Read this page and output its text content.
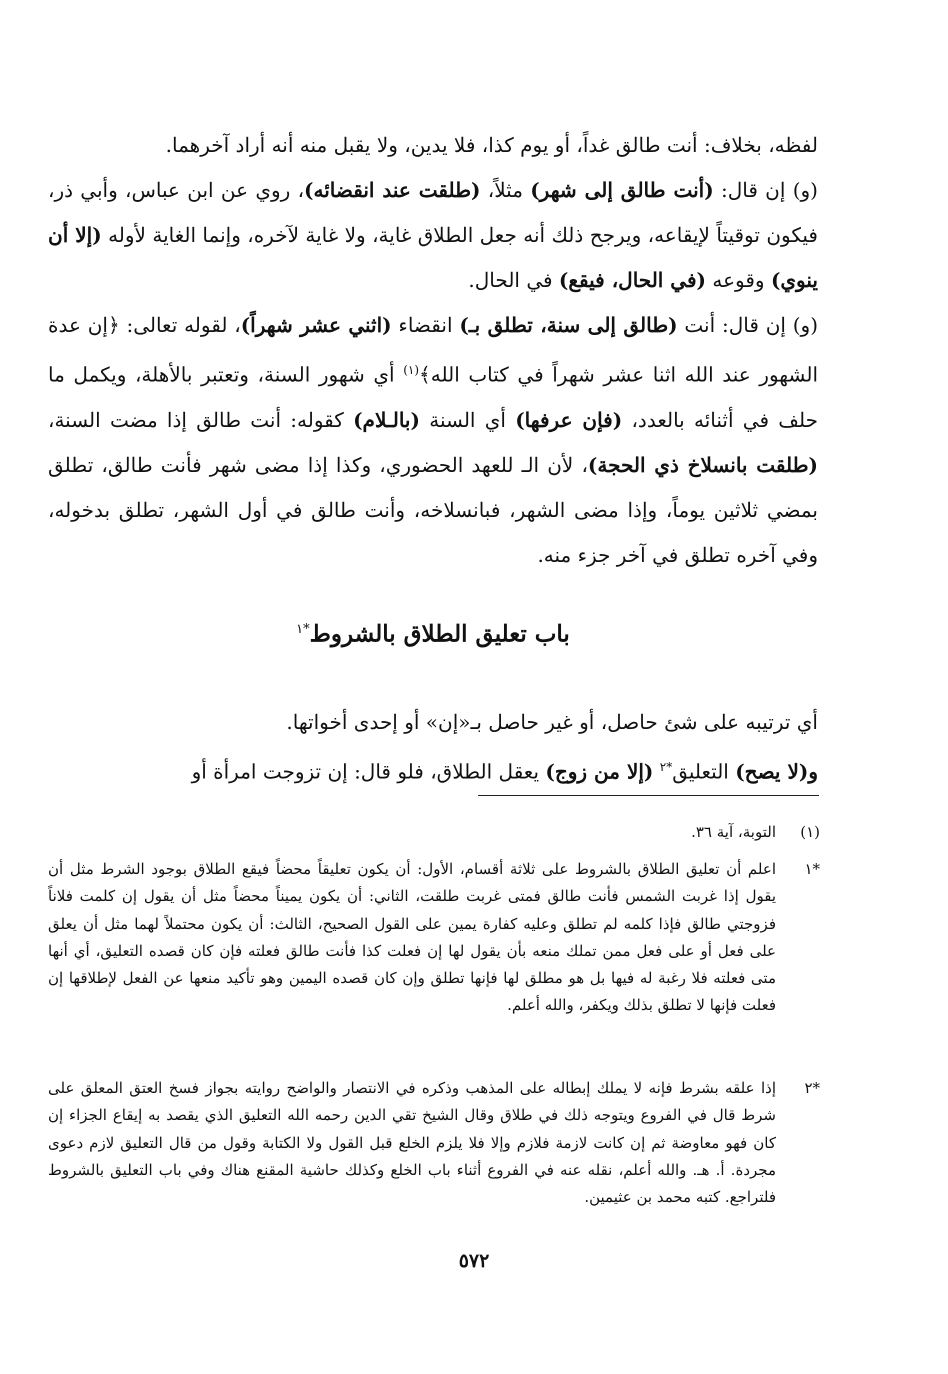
لفظه، بخلاف: أنت طالق غداً، أو يوم كذا، فلا يدين، ولا يقبل منه أنه أراد آخرهما.

(و) إن قال: (أنت طالق إلى شهر) مثلاً، (طلقت عند انقضائه)، روي عن ابن عباس، وأبي ذر، فيكون توقيتاً لإيقاعه، ويرجح ذلك أنه جعل الطلاق غاية، ولا غاية لآخره، وإنما الغاية لأوله (إلا أن ينوي) وقوعه (في الحال، فيقع) في الحال.

(و) إن قال: أنت (طالق إلى سنة، تطلق بـ) انقضاء (اثني عشر شهراً)، لقوله تعالى: ﴿إن عدة الشهور عند الله اثنا عشر شهراً في كتاب الله﴾$^{(١)}$ أي شهور السنة، وتعتبر بالأهلة، ويكمل ما حلف في أثنائه بالعدد، (فإن عرفها) أي السنة (بالـلام) كقوله: أنت طالق إذا مضت السنة، (طلقت بانسلاخ ذي الحجة)، لأن الـ للعهد الحضوري، وكذا إذا مضى شهر فأنت طالق، تطلق بمضي ثلاثين يوماً، وإذا مضى الشهر، فبانسلاخه، وأنت طالق في أول الشهر، تطلق بدخوله، وفي آخره تطلق في آخر جزء منه.

باب تعليق الطلاق بالشروط$^{*١}$

أي ترتيبه على شئ حاصل، أو غير حاصل بـ«إن» أو إحدى أخواتها.

و(لا يصح) التعليق$^{*٢}$ (إلا من زوج) يعقل الطلاق، فلو قال: إن تزوجت امرأة أو

(١)
التوبة، آية ٣٦.
*١
اعلم أن تعليق الطلاق بالشروط على ثلاثة أقسام، الأول: أن يكون تعليقاً محضاً فيقع الطلاق بوجود الشرط مثل أن يقول إذا غربت الشمس فأنت طالق فمتى غربت طلقت، الثاني: أن يكون يميناً محضاً مثل أن يقول إن كلمت فلاناً فزوجتي طالق فإذا كلمه لم تطلق وعليه كفارة يمين على القول الصحيح، الثالث: أن يكون محتملاً لهما مثل أن يعلق على فعل أو على فعل ممن تملك منعه بأن يقول لها إن فعلت كذا فأنت طالق فعلته فإن كان قصده التعليق، أي أنها متى فعلته فلا رغبة له فيها بل هو مطلق لها فإنها تطلق وإن كان قصده اليمين وهو تأكيد منعها عن الفعل لإطلاقها إن فعلت فإنها لا تطلق بذلك ويكفر، والله أعلم.
*٢
إذا علقه بشرط فإنه لا يملك إبطاله على المذهب وذكره في الانتصار والواضح روايته بجواز فسخ العتق المعلق على شرط قال في الفروع ويتوجه ذلك في طلاق وقال الشيخ تقي الدين رحمه الله التعليق الذي يقصد به إيقاع الجزاء إن كان فهو معاوضة ثم إن كانت لازمة فلازم وإلا فلا يلزم الخلع قبل القول ولا الكتابة وقول من قال التعليق لازم دعوى مجردة. أ. هـ. والله أعلم، نقله عنه في الفروع أثناء باب الخلع وكذلك حاشية المقنع هناك وفي باب التعليق بالشروط فلتراجع. كتبه محمد بن عثيمين.
٥٧٢
